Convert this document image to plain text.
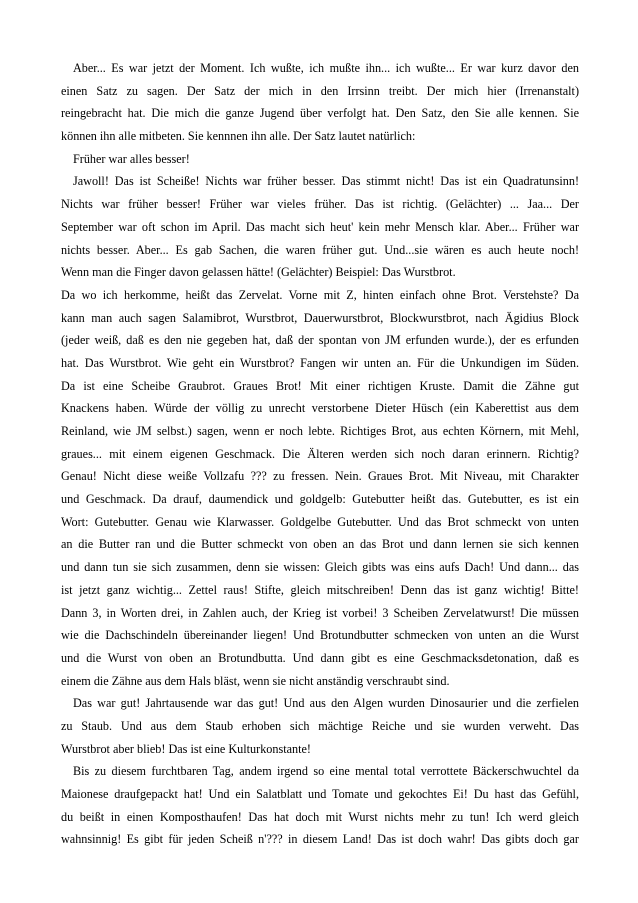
Aber... Es war jetzt der Moment. Ich wußte, ich mußte ihn... ich wußte... Er war kurz davor den
einen Satz zu sagen. Der Satz der mich in den Irrsinn treibt. Der mich hier (Irrenanstalt)
reingebracht hat. Die mich die ganze Jugend über verfolgt hat. Den Satz, den Sie alle kennen. Sie
können ihn alle mitbeten. Sie kennnen ihn alle. Der Satz lautet natürlich:
Früher war alles besser!
Jawoll! Das ist Scheiße! Nichts war früher besser. Das stimmt nicht! Das ist ein Quadratunsinn!
Nichts war früher besser! Früher war vieles früher. Das ist richtig. (Gelächter) ... Jaa... Der
September war oft schon im April. Das macht sich heut' kein mehr Mensch klar. Aber... Früher war
nichts besser. Aber... Es gab Sachen, die waren früher gut. Und...sie wären es auch heute noch!
Wenn man die Finger davon gelassen hätte! (Gelächter) Beispiel: Das Wurstbrot.
Da wo ich herkomme, heißt das Zervelat. Vorne mit Z, hinten einfach ohne Brot. Verstehste? Da
kann man auch sagen Salamibrot, Wurstbrot, Dauerwurstbrot, Blockwurstbrot, nach Ägidius Block
(jeder weiß, daß es den nie gegeben hat, daß der spontan von JM erfunden wurde.), der es erfunden
hat. Das Wurstbrot. Wie geht ein Wurstbrot? Fangen wir unten an. Für die Unkundigen im Süden.
Da ist eine Scheibe Graubrot. Graues Brot! Mit einer richtigen Kruste. Damit die Zähne gut
Knackens haben. Würde der völlig zu unrecht verstorbene Dieter Hüsch (ein Kaberettist aus dem
Reinland, wie JM selbst.) sagen, wenn er noch lebte. Richtiges Brot, aus echten Körnern, mit Mehl,
graues... mit einem eigenen Geschmack. Die Älteren werden sich noch daran erinnern. Richtig?
Genau! Nicht diese weiße Vollzafu ??? zu fressen. Nein. Graues Brot. Mit Niveau, mit Charakter
und Geschmack. Da drauf, daumendick und goldgelb: Gutebutter heißt das. Gutebutter, es ist ein
Wort: Gutebutter. Genau wie Klarwasser. Goldgelbe Gutebutter. Und das Brot schmeckt von unten
an die Butter ran und die Butter schmeckt von oben an das Brot und dann lernen sie sich kennen
und dann tun sie sich zusammen, denn sie wissen: Gleich gibts was eins aufs Dach! Und dann... das
ist jetzt ganz wichtig... Zettel raus! Stifte, gleich mitschreiben! Denn das ist ganz wichtig! Bitte!
Dann 3, in Worten drei, in Zahlen auch, der Krieg ist vorbei! 3 Scheiben Zervelatwurst! Die müssen
wie die Dachschindeln übereinander liegen! Und Brotundbutter schmecken von unten an die Wurst
und die Wurst von oben an Brotundbutta. Und dann gibt es eine Geschmacksdetonation, daß es
einem die Zähne aus dem Hals bläst, wenn sie nicht anständig verschraubt sind.
Das war gut! Jahrtausende war das gut! Und aus den Algen wurden Dinosaurier und die zerfielen
zu Staub. Und aus dem Staub erhoben sich mächtige Reiche und sie wurden verweht. Das
Wurstbrot aber blieb! Das ist eine Kulturkonstante!
Bis zu diesem furchtbaren Tag, andem irgend so eine mental total verrottete Bäckerschwuchtel da
Maionese draufgepackt hat! Und ein Salatblatt und Tomate und gekochtes Ei! Du hast das Gefühl,
du beißt in einen Komposthaufen! Das hat doch mit Wurst nichts mehr zu tun! Ich werd gleich
wahnsinnig! Es gibt für jeden Scheiß n'??? in diesem Land! Das ist doch wahr! Das gibts doch gar
